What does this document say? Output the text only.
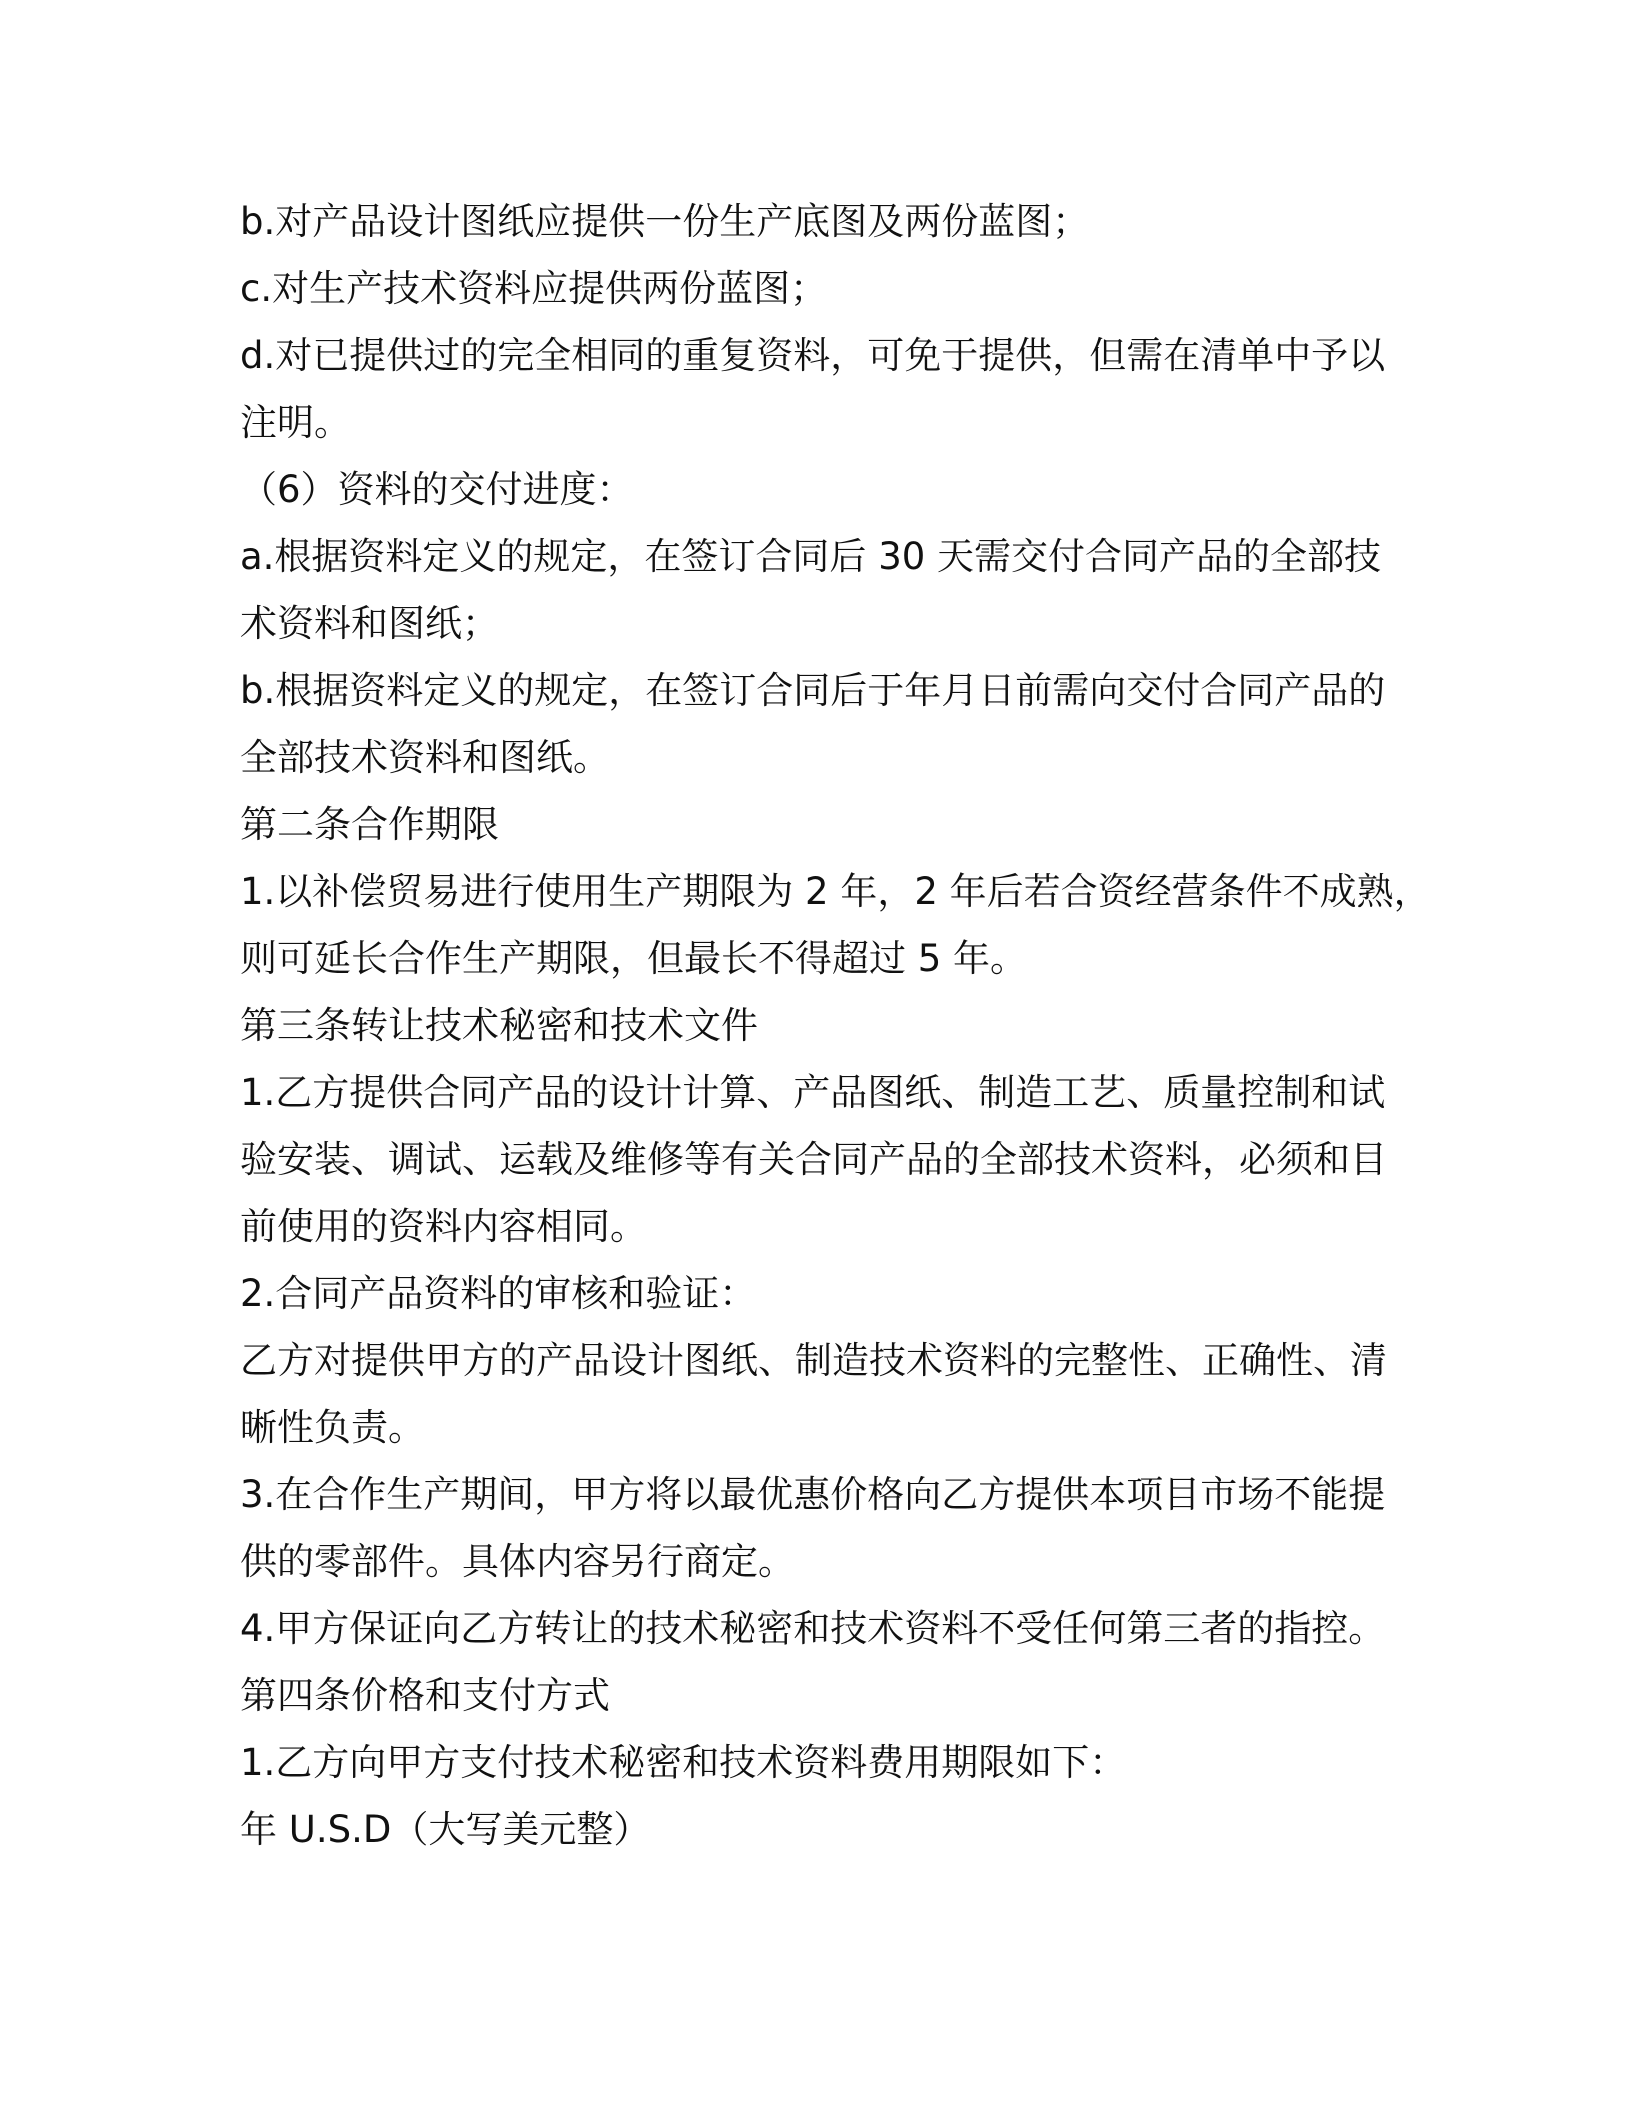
b.对产品设计图纸应提供一份生产底图及两份蓝图；
c.对生产技术资料应提供两份蓝图；
d.对已提供过的完全相同的重复资料，可免于提供，但需在清单中予以
注明。
（6）资料的交付进度：
a.根据资料定义的规定，在签订合同后 30 天需交付合同产品的全部技
术资料和图纸；
b.根据资料定义的规定，在签订合同后于年月日前需向交付合同产品的
全部技术资料和图纸。
第二条合作期限
1.以补偿贸易进行使用生产期限为 2 年，2 年后若合资经营条件不成熟，
则可延长合作生产期限，但最长不得超过 5 年。
第三条转让技术秘密和技术文件
1.乙方提供合同产品的设计计算、产品图纸、制造工艺、质量控制和试
验安装、调试、运载及维修等有关合同产品的全部技术资料，必须和目
前使用的资料内容相同。
2.合同产品资料的审核和验证：
乙方对提供甲方的产品设计图纸、制造技术资料的完整性、正确性、清
晰性负责。
3.在合作生产期间，甲方将以最优惠价格向乙方提供本项目市场不能提
供的零部件。具体内容另行商定。
4.甲方保证向乙方转让的技术秘密和技术资料不受任何第三者的指控。
第四条价格和支付方式
1.乙方向甲方支付技术秘密和技术资料费用期限如下：
年 U.S.D（大写美元整）
